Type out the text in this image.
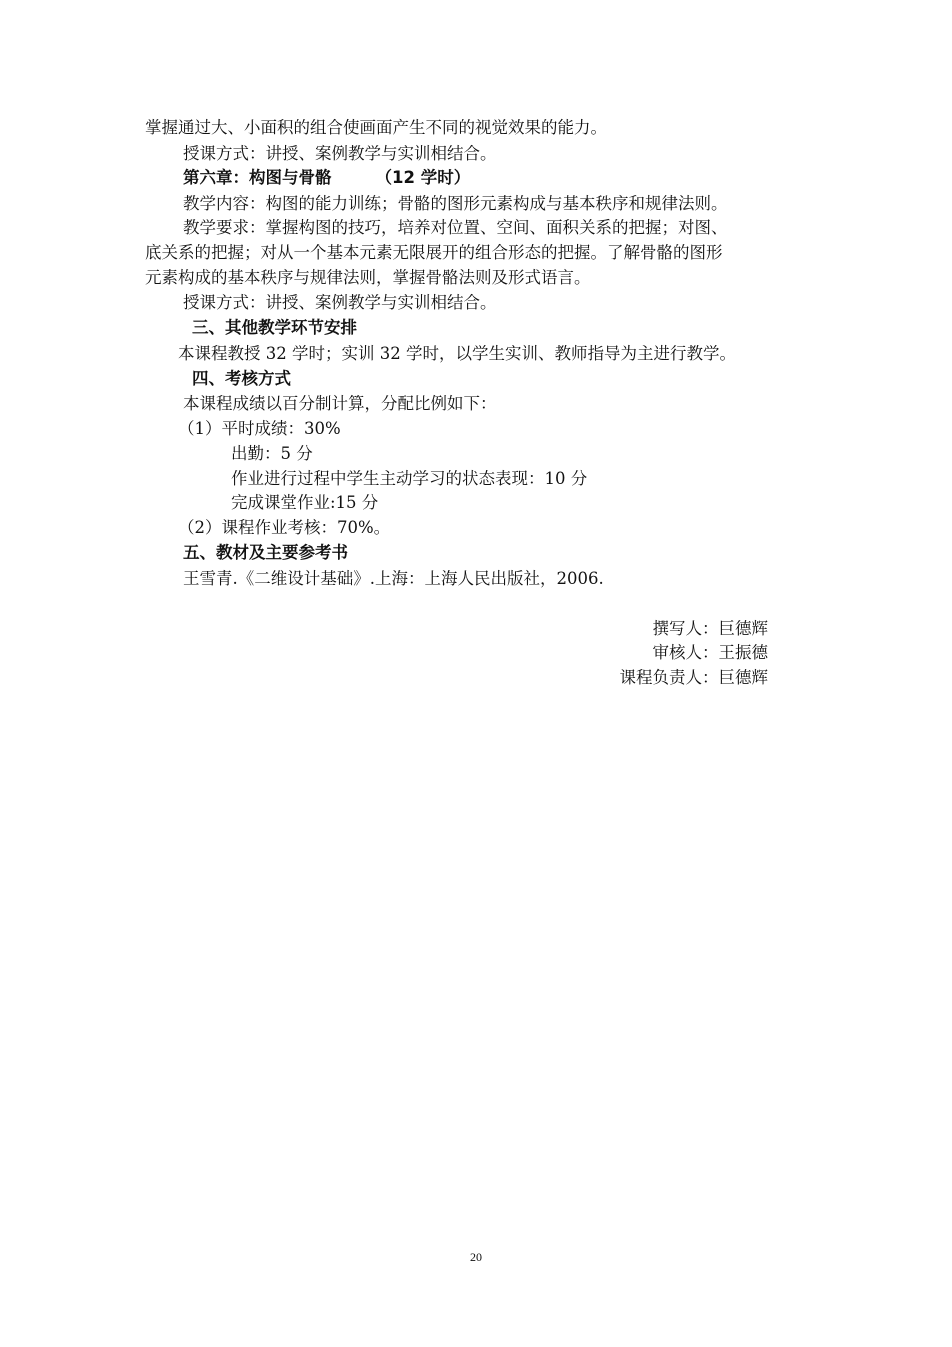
掌握通过大、小面积的组合使画面产生不同的视觉效果的能力。
授课方式：讲授、案例教学与实训相结合。
第六章：构图与骨骼	（12 学时）
教学内容：构图的能力训练；骨骼的图形元素构成与基本秩序和规律法则。
教学要求：掌握构图的技巧，培养对位置、空间、面积关系的把握；对图、
底关系的把握；对从一个基本元素无限展开的组合形态的把握。了解骨骼的图形
元素构成的基本秩序与规律法则，掌握骨骼法则及形式语言。
授课方式：讲授、案例教学与实训相结合。
三、其他教学环节安排
本课程教授 32 学时；实训 32 学时，以学生实训、教师指导为主进行教学。
四、考核方式
本课程成绩以百分制计算，分配比例如下：
（1）平时成绩：30%
出勤：5 分
作业进行过程中学生主动学习的状态表现：10 分
完成课堂作业:15 分
（2）课程作业考核：70%。
五、教材及主要参考书
王雪青.《二维设计基础》.上海：上海人民出版社，2006.
撰写人：巨德辉
审核人：王振德
课程负责人：巨德辉
20
